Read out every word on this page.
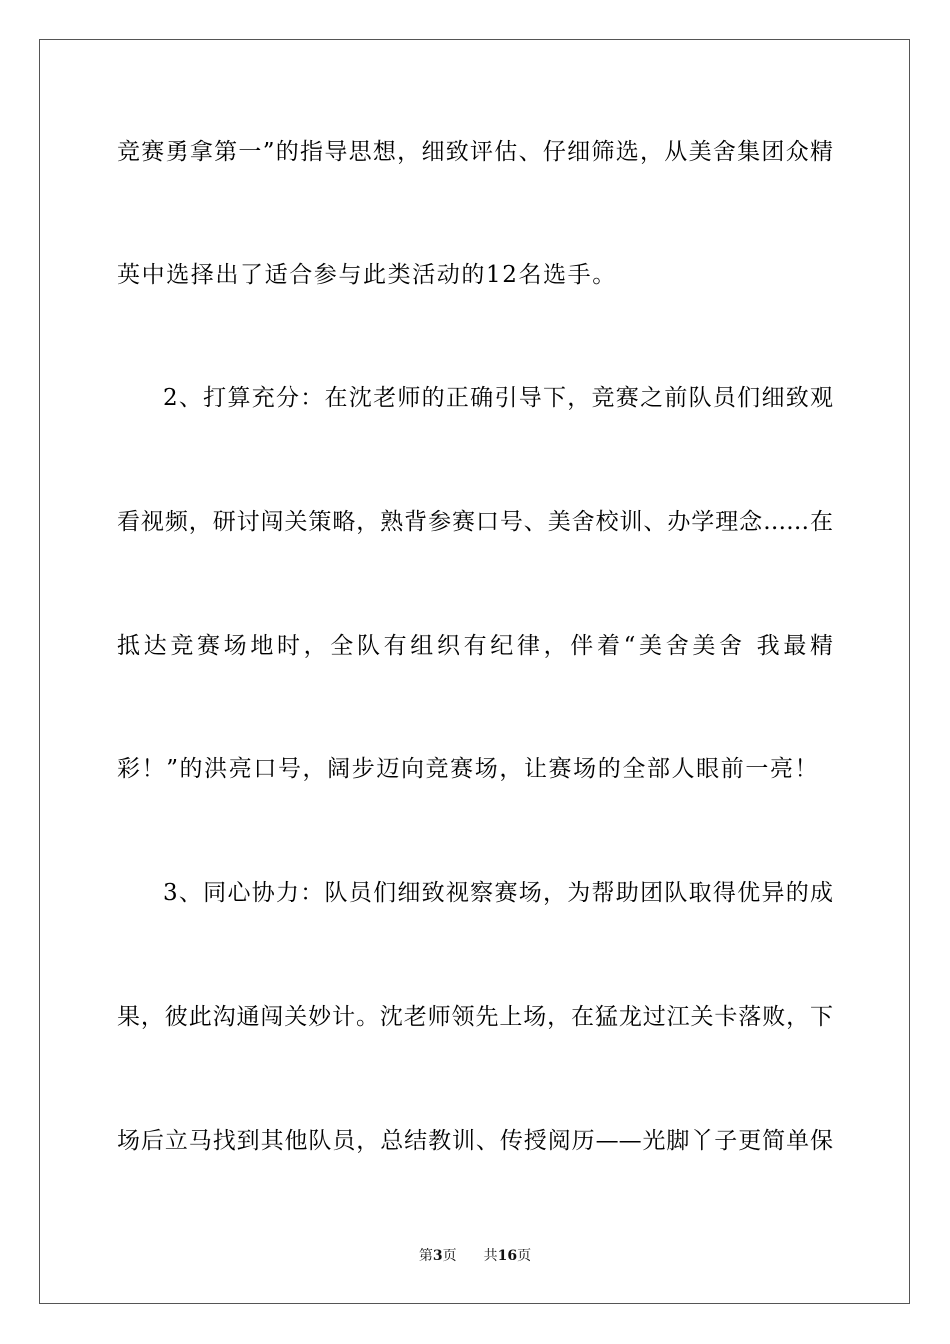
竞赛勇拿第一”的指导思想，细致评估、仔细筛选，从美舍集团众精
英中选择出了适合参与此类活动的12名选手。
2、打算充分：在沈老师的正确引导下，竞赛之前队员们细致观
看视频，研讨闯关策略，熟背参赛口号、美舍校训、办学理念……在
抵达竞赛场地时，全队有组织有纪律，伴着“美舍美舍 我最精
彩！”的洪亮口号，阔步迈向竞赛场，让赛场的全部人眼前一亮！
3、同心协力：队员们细致视察赛场，为帮助团队取得优异的成
果，彼此沟通闯关妙计。沈老师领先上场，在猛龙过江关卡落败，下
场后立马找到其他队员，总结教训、传授阅历——光脚丫子更简单保
第3页 共16页
